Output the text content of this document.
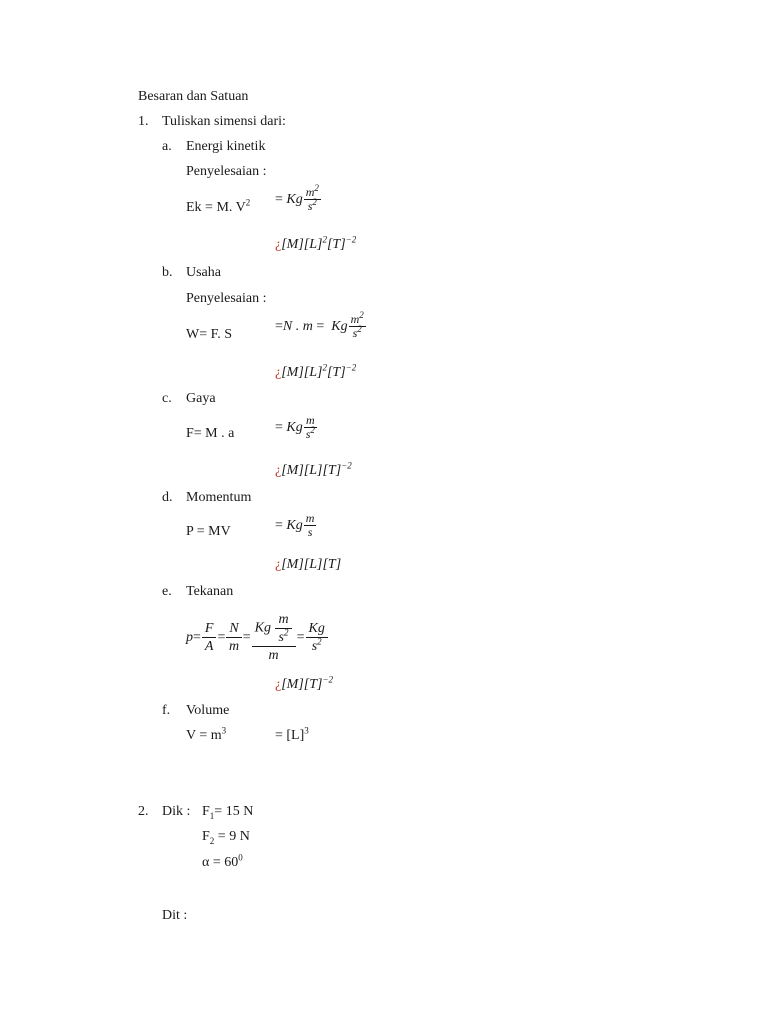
Besaran dan Satuan
1. Tuliskan simensi dari:
a. Energi kinetik
Penyelesaian :
Ek = M. $V^2 = Kg \frac{m^2}{s^2}$
¿$[M][L]^2[T]^{-2}$
b. Usaha
Penyelesaian :
W= F. S
= N . m = Kg $\frac{m^2}{s^2}$
¿$[M][L]^2[T]^{-2}$
c. Gaya
F= M . a	= Kg $\frac{m}{s^2}$
¿$[M][L][T]^{-2}$
d. Momentum
P = MV	= Kg $\frac{m}{s}$
¿[M][L][T]
e. Tekanan
$p = \frac{F}{A} = \frac{N}{m} = \frac{Kg \frac{m}{s^2}}{m} = \frac{Kg}{s^2}$
¿$[M][T]^{-2}$
f. Volume
$V = m^3$	= $[L]^3$
2. Dik : $F_1= 15$ N
$F_2 = 9$ N
$\alpha = 60^0$
Dit :
